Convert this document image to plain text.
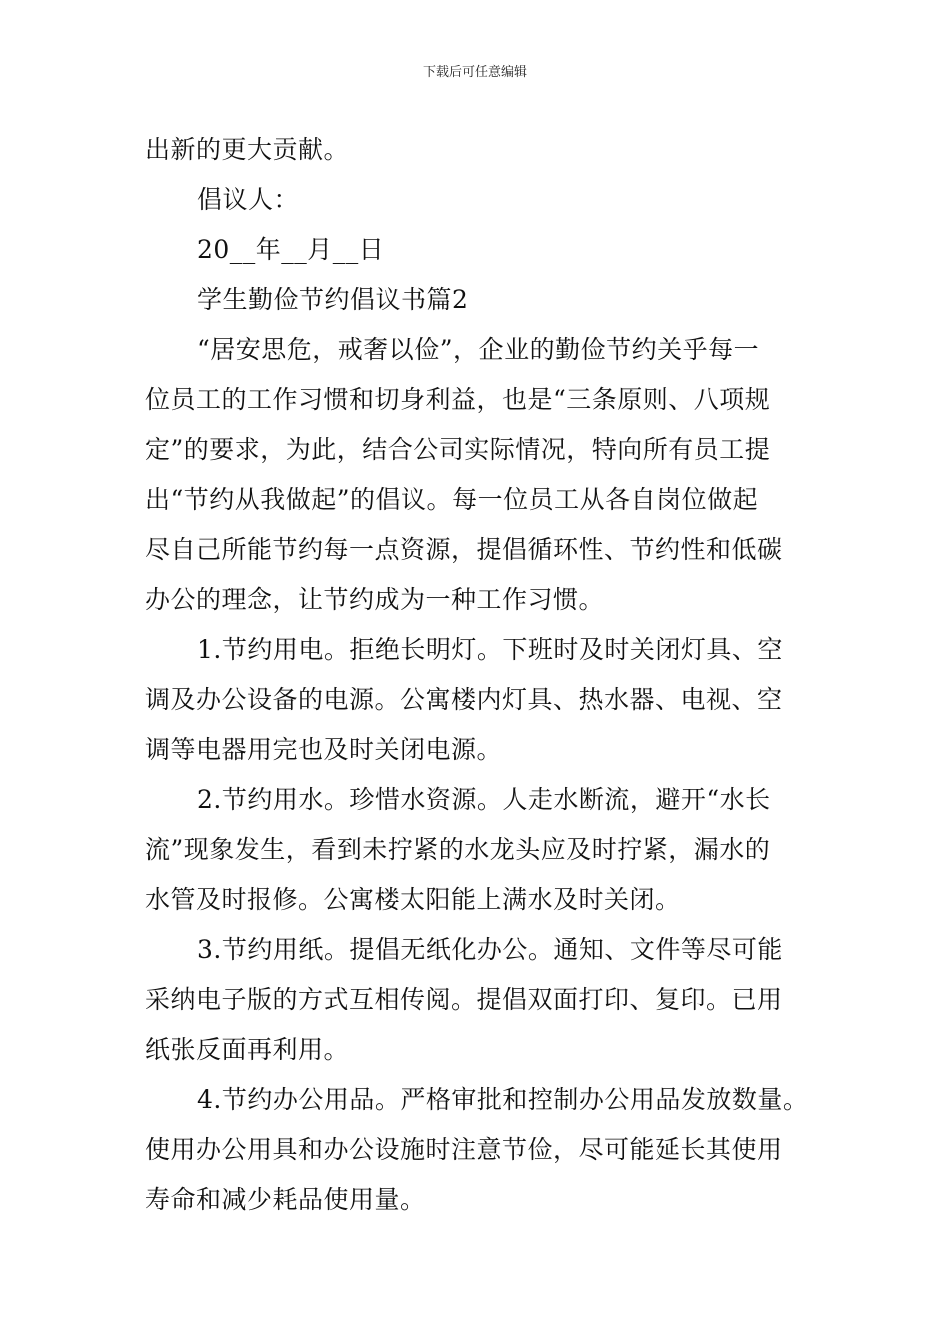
下载后可任意编辑
出新的更大贡献。
倡议人：
20__年__月__日
学生勤俭节约倡议书篇2
“居安思危，戒奢以俭”，企业的勤俭节约关乎每一
位员工的工作习惯和切身利益，也是“三条原则、八项规
定”的要求，为此，结合公司实际情况，特向所有员工提
出“节约从我做起”的倡议。每一位员工从各自岗位做起
尽自己所能节约每一点资源，提倡循环性、节约性和低碳
办公的理念，让节约成为一种工作习惯。
1.节约用电。拒绝长明灯。下班时及时关闭灯具、空
调及办公设备的电源。公寓楼内灯具、热水器、电视、空
调等电器用完也及时关闭电源。
2.节约用水。珍惜水资源。人走水断流，避开“水长
流”现象发生，看到未拧紧的水龙头应及时拧紧，漏水的
水管及时报修。公寓楼太阳能上满水及时关闭。
3.节约用纸。提倡无纸化办公。通知、文件等尽可能
采纳电子版的方式互相传阅。提倡双面打印、复印。已用
纸张反面再利用。
4.节约办公用品。严格审批和控制办公用品发放数量。
使用办公用具和办公设施时注意节俭，尽可能延长其使用
寿命和减少耗品使用量。
